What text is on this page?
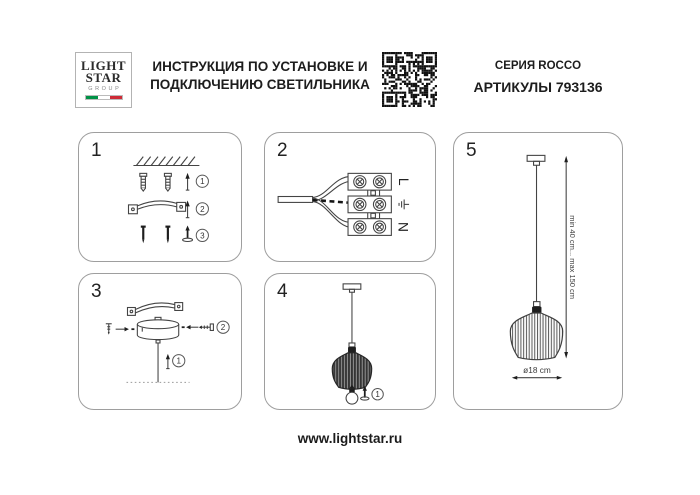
LIGHT
STAR
GROUP
ИНСТРУКЦИЯ ПО УСТАНОВКЕ И
ПОДКЛЮЧЕНИЮ СВЕТИЛЬНИКА
СЕРИЯ ROCCO
АРТИКУЛЫ 793136
1
1
2
3
2
L
N
3
2
1
4
1
5
min 40 cm... max 150 cm
ø18 cm
www.lightstar.ru
